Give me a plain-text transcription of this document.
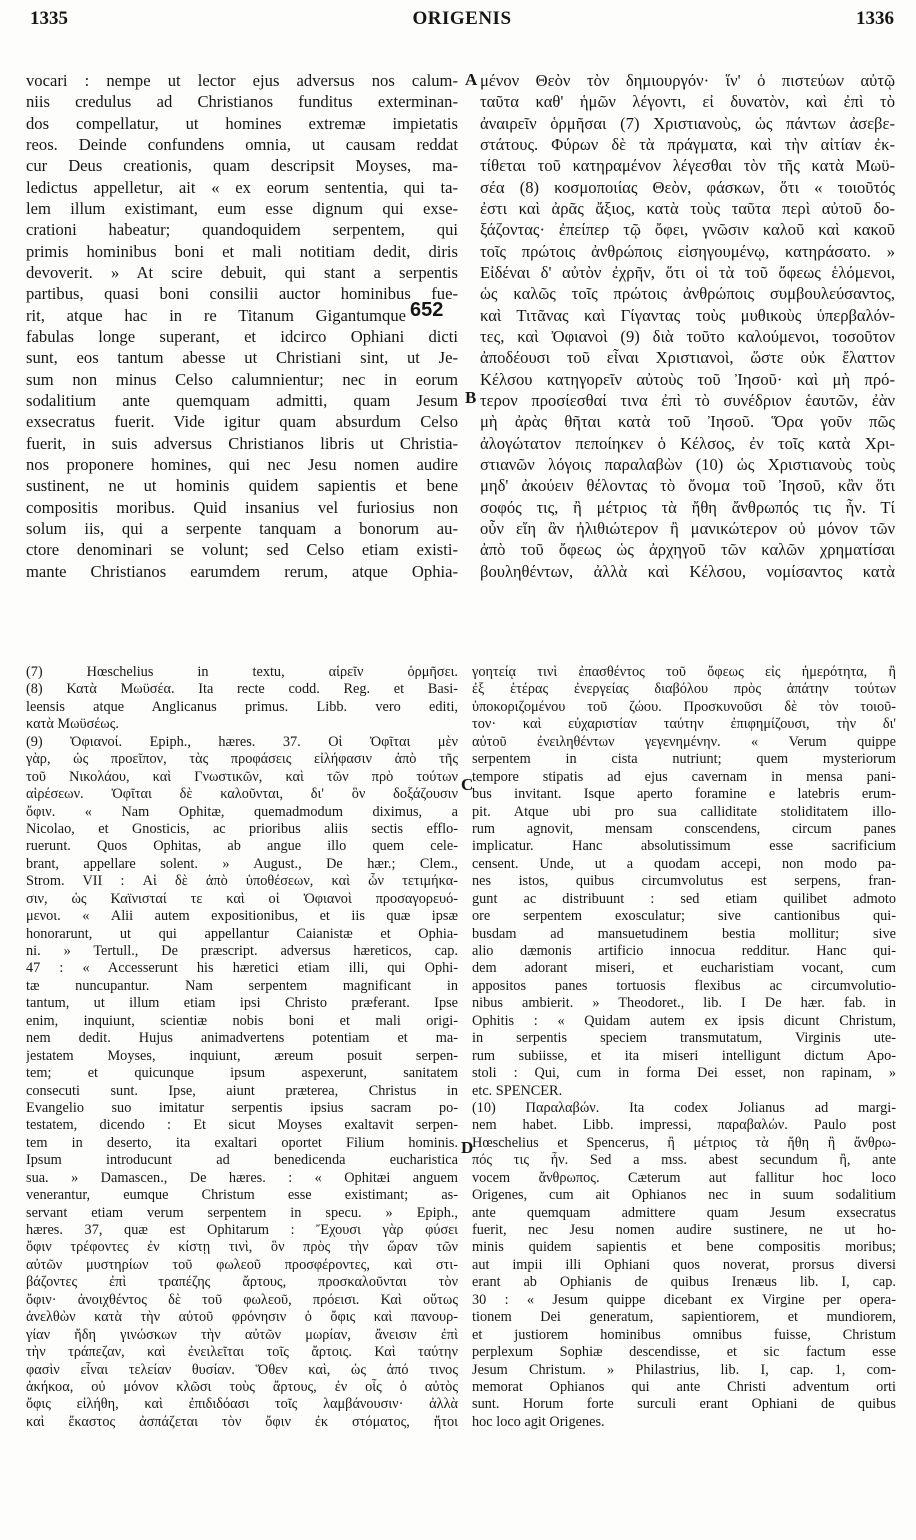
1335	ORIGENIS	1336

vocari : nempe ut lector ejus adversus nos calum-

niis credulus ad Christianos funditus exterminan-

dos compellatur, ut homines extremæ impietatis

reos. Deinde confundens omnia, ut causam reddat

cur Deus creationis, quam descripsit Moyses, ma-

ledictus appelletur, ait « ex eorum sententia, qui ta-

lem illum existimant, eum esse dignum qui exse-

crationi habeatur; quandoquidem serpentem, qui

primis hominibus boni et mali notitiam dedit, diris

devoverit. » At scire debuit, qui stant a serpentis

partibus, quasi boni consilii auctor hominibus fue-

rit, atque hac in re Titanum Gigantumque

fabulas longe superant, et idcirco Ophiani dicti

sunt, eos tantum abesse ut Christiani sint, ut Je-

sum non minus Celso calumnientur; nec in eorum

sodalitium ante quemquam admitti, quam Jesum

exsecratus fuerit. Vide igitur quam absurdum Celso

fuerit, in suis adversus Christianos libris ut Christia-

nos proponere homines, qui nec Jesu nomen audire

sustinent, ne ut hominis quidem sapientis et bene

compositis moribus. Quid insanius vel furiosius non

solum iis, qui a serpente tanquam a bonorum au-

ctore denominari se volunt; sed Celso etiam existi-

mante Christianos earumdem rerum, atque Ophia-

μένον Θεὸν τὸν δημιουργόν· ἵν' ὁ πιστεύων αὐτῷ

ταῦτα καθ' ἡμῶν λέγοντι, εἰ δυνατὸν, καὶ ἐπὶ τὸ

ἀναιρεῖν ὁρμῆσαι (7) Χριστιανοὺς, ὡς πάντων ἀσεβε-

στάτους. Φύρων δὲ τὰ πράγματα, καὶ τὴν αἰτίαν ἐκ-

τίθεται τοῦ κατηραμένον λέγεσθαι τὸν τῆς κατὰ Μωϋ-

σέα (8) κοσμοποιίας Θεὸν, φάσκων, ὅτι « τοιοῦτός

ἐστι καὶ ἀρᾶς ἄξιος, κατὰ τοὺς ταῦτα περὶ αὐτοῦ δο-

ξάζοντας· ἐπείπερ τῷ ὄφει, γνῶσιν καλοῦ καὶ κακοῦ

τοῖς πρώτοις ἀνθρώποις εἰσηγουμένῳ, κατηράσατο. »

Εἰδέναι δ' αὐτὸν ἐχρῆν, ὅτι οἱ τὰ τοῦ ὄφεως ἑλόμενοι,

ὡς καλῶς τοῖς πρώτοις ἀνθρώποις συμβουλεύσαντος,

καὶ Τιτᾶνας καὶ Γίγαντας τοὺς μυθικοὺς ὑπερβαλόν-

τες, καὶ Ὀφιανοὶ (9) διὰ τοῦτο καλούμενοι, τοσοῦτον

ἀποδέουσι τοῦ εἶναι Χριστιανοὶ, ὥστε οὐκ ἔλαττον

Κέλσου κατηγορεῖν αὐτοὺς τοῦ Ἰησοῦ· καὶ μὴ πρό-

τερον προσίεσθαί τινα ἐπὶ τὸ συνέδριον ἑαυτῶν, ἐὰν

μὴ ἀρὰς θῆται κατὰ τοῦ Ἰησοῦ. Ὅρα γοῦν πῶς

ἀλογώτατον πεποίηκεν ὁ Κέλσος, ἐν τοῖς κατὰ Χρι-

στιανῶν λόγοις παραλαβὼν (10) ὡς Χριστιανοὺς τοὺς

μηδ' ἀκούειν θέλοντας τὸ ὄνομα τοῦ Ἰησοῦ, κἂν ὅτι

σοφός τις, ἢ μέτριος τὰ ἤθη ἄνθρωπός τις ἦν. Τί

οὖν εἴη ἂν ἠλιθιώτερον ἢ μανικώτερον οὐ μόνον τῶν

ἀπὸ τοῦ ὄφεως ὡς ἀρχηγοῦ τῶν καλῶν χρηματίσαι

βουληθέντων, ἀλλὰ καὶ Κέλσου, νομίσαντος κατὰ

(7) Hœschelius in textu, αἱρεῖν ὁρμῆσει.

(8) Κατὰ Μωϋσέα. Ita recte codd. Reg. et Basi-

leensis atque Anglicanus primus. Libb. vero editi,

κατὰ Μωϋσέως.

(9) Ὀφιανοί. Epiph., hæres. 37. Οἱ Ὀφῖται μὲν

γὰρ, ὡς προεῖπον, τὰς προφάσεις εἰλήφασιν ἀπὸ τῆς

τοῦ Νικολάου, καὶ Γνωστικῶν, καὶ τῶν πρὸ τούτων

αἱρέσεων. Ὀφῖται δὲ καλοῦνται, δι' ὃν δοξάζουσιν

ὄφιν. « Nam Ophitæ, quemadmodum diximus, a

Nicolao, et Gnosticis, ac prioribus aliis sectis efflo-

ruerunt. Quos Ophitas, ab angue illo quem cele-

brant, appellare solent. » August., De hær.; Clem.,

Strom. VII : Αἱ δὲ ἀπὸ ὑποθέσεων, καὶ ὧν τετιμήκα-

σιν, ὡς Καϊνισταί τε καὶ οἱ Ὀφιανοὶ προσαγορευό-

μενοι. « Alii autem expositionibus, et iis quæ ipsæ

honorarunt, ut qui appellantur Caianistæ et Ophia-

ni. » Tertull., De præscript. adversus hæreticos, cap.

47 : « Accesserunt his hæretici etiam illi, qui Ophi-

tæ nuncupantur. Nam serpentem magnificant in

tantum, ut illum etiam ipsi Christo præferant. Ipse

enim, inquiunt, scientiæ nobis boni et mali origi-

nem dedit. Hujus animadvertens potentiam et ma-

jestatem Moyses, inquiunt, æreum posuit serpen-

tem; et quicunque ipsum aspexerunt, sanitatem

consecuti sunt. Ipse, aiunt præterea, Christus in

Evangelio suo imitatur serpentis ipsius sacram po-

testatem, dicendo : Et sicut Moyses exaltavit serpen-

tem in deserto, ita exaltari oportet Filium hominis.

Ipsum introducunt ad benedicenda eucharistica

sua. » Damascen., De hæres. : « Ophitæi anguem

venerantur, eumque Christum esse existimant; as-

servant etiam verum serpentem in specu. » Epiph.,

hæres. 37, quæ est Ophitarum : Ἔχουσι γὰρ φύσει

ὄφιν τρέφοντες ἐν κίστῃ τινὶ, ὃν πρὸς τὴν ὥραν τῶν

αὐτῶν μυστηρίων τοῦ φωλεοῦ προσφέροντες, καὶ στι-

βάζοντες ἐπὶ τραπέζης ἄρτους, προσκαλοῦνται τὸν

ὄφιν· ἀνοιχθέντος δὲ τοῦ φωλεοῦ, πρόεισι. Καὶ οὕτως

ἀνελθὼν κατὰ τὴν αὐτοῦ φρόνησιν ὁ ὄφις καὶ πανουρ-

γίαν ἤδη γινώσκων τὴν αὐτῶν μωρίαν, ἄνεισιν ἐπὶ

τὴν τράπεζαν, καὶ ἐνειλεῖται τοῖς ἄρτοις. Καὶ ταύτην

φασὶν εἶναι τελείαν θυσίαν. Ὅθεν καὶ, ὡς ἀπό τινος

ἀκήκοα, οὐ μόνον κλῶσι τοὺς ἄρτους, ἐν οἷς ὁ αὐτὸς

ὄφις εἰλήθη, καὶ ἐπιδιδόασι τοῖς λαμβάνουσιν· ἀλλὰ

καὶ ἕκαστος ἀσπάζεται τὸν ὄφιν ἐκ στόματος, ἤτοι

γοητείᾳ τινὶ ἐπασθέντος τοῦ ὄφεως εἰς ἡμερότητα, ἢ

ἐξ ἑτέρας ἐνεργείας διαβόλου πρὸς ἀπάτην τούτων

ὑποκοριζομένου τοῦ ζώου. Προσκυνοῦσι δὲ τὸν τοιοῦ-

τον· καὶ εὐχαριστίαν ταύτην ἐπιφημίζουσι, τὴν δι'

αὐτοῦ ἐνειληθέντων γεγενημένην. « Verum quippe

serpentem in cista nutriunt; quem mysteriorum

tempore stipatis ad ejus cavernam in mensa pani-

bus invitant. Isque aperto foramine e latebris erum-

pit. Atque ubi pro sua calliditate stoliditatem illo-

rum agnovit, mensam conscendens, circum panes

implicatur. Hanc absolutissimum esse sacrificium

censent. Unde, ut a quodam accepi, non modo pa-

nes istos, quibus circumvolutus est serpens, fran-

gunt ac distribuunt : sed etiam quilibet admoto

ore serpentem exosculatur; sive cantionibus qui-

busdam ad mansuetudinem bestia mollitur; sive

alio dæmonis artificio innocua redditur. Hanc qui-

dem adorant miseri, et eucharistiam vocant, cum

appositos panes tortuosis flexibus ac circumvolutio-

nibus ambierit. » Theodoret., lib. I De hær. fab. in

Ophitis : « Quidam autem ex ipsis dicunt Christum,

in serpentis speciem transmutatum, Virginis ute-

rum subiisse, et ita miseri intelligunt dictum Apo-

stoli : Qui, cum in forma Dei esset, non rapinam, »

etc. SPENCER.

(10) Παραλαβών. Ita codex Jolianus ad margi-

nem habet. Libb. impressi, παραβαλών. Paulo post

Hœschelius et Spencerus, ἢ μέτριος τὰ ἤθη ἢ ἄνθρω-

πός τις ἦν. Sed a mss. abest secundum ἢ, ante

vocem ἄνθρωπος. Cæterum aut fallitur hoc loco

Origenes, cum ait Ophianos nec in suum sodalitium

ante quemquam admittere quam Jesum exsecratus

fuerit, nec Jesu nomen audire sustinere, ne ut ho-

minis quidem sapientis et bene compositis moribus;

aut impii illi Ophiani quos noverat, prorsus diversi

erant ab Ophianis de quibus Irenæus lib. I, cap.

30 : « Jesum quippe dicebant ex Virgine per opera-

tionem Dei generatum, sapientiorem, et mundiorem,

et justiorem hominibus omnibus fuisse, Christum

perplexum Sophiæ descendisse, et sic factum esse

Jesum Christum. » Philastrius, lib. I, cap. 1, com-

memorat Ophianos qui ante Christi adventum orti

sunt. Horum forte surculi erant Ophiani de quibus

hoc loco agit Origenes.

A
B
C
D
652
